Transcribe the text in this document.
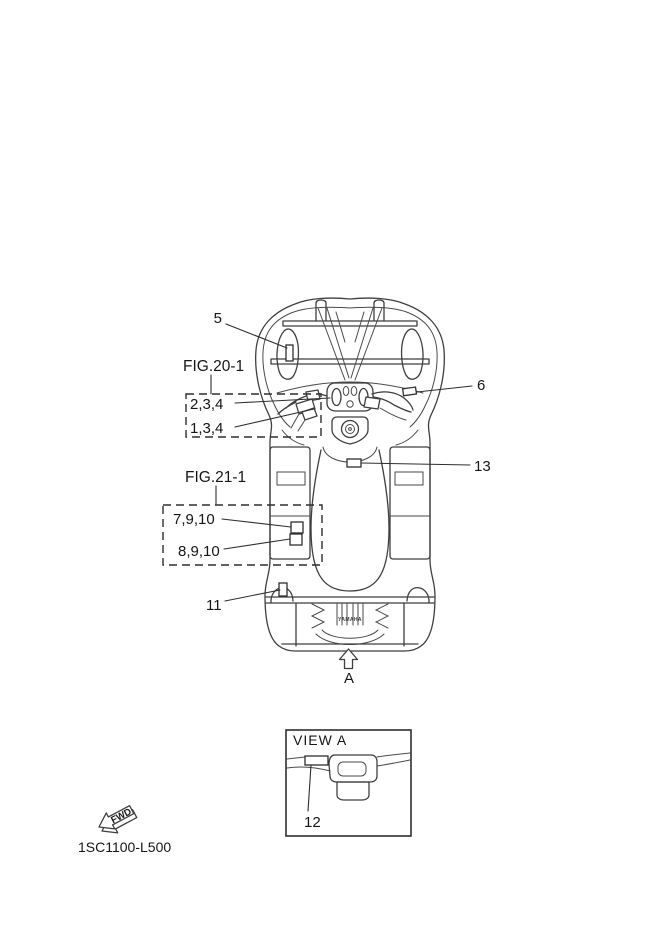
YAMAHA
5
FIG.20-1
2,3,4
1,3,4
6
FIG.21-1
13
7,9,10
8,9,10
11
A
VIEW A
12
FWD
1SC1100-L500
